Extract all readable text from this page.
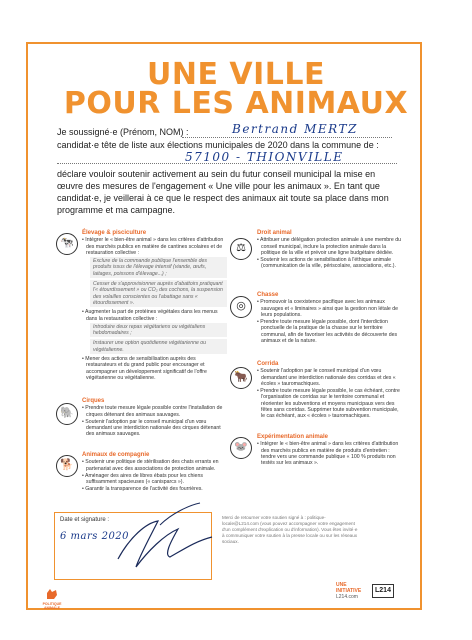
UNE VILLE
POUR LES ANIMAUX
Je soussigné·e (Prénom, NOM) :	Bertrand MERTZ
candidat·e tête de liste aux élections municipales de 2020 dans la commune de :
57100 - THIONVILLE
déclare vouloir soutenir activement au sein du futur conseil municipal la mise en œuvre des mesures de l'engagement « Une ville pour les animaux ». En tant que candidat·e, je veillerai à ce que le respect des animaux ait toute sa place dans mon programme et ma campagne.
🐄
Élevage & pisciculture
• Intégrer le « bien-être animal » dans les critères d'attribution des marchés publics en matière de cantines scolaires et de restauration collective :
Exclure de la commande publique l'ensemble des produits issus de l'élevage intensif (viande, œufs, laitages, poissons d'élevage...) ;
Cesser de s'approvisionner auprès d'abattoirs pratiquant l'« étourdissement » ou CO₂ des cochons, la suspension des volailles conscientes ou l'abattage sans « étourdissement ».
• Augmenter la part de protéines végétales dans les menus dans la restauration collective :
Introduire deux repas végétariens ou végétaliens hebdomadaires ;
Instaurer une option quotidienne végétarienne ou végétalienne.
• Mener des actions de sensibilisation auprès des restaurateurs et du grand public pour encourager et accompagner un développement significatif de l'offre végétarienne ou végétalienne.
🐘
Cirques
• Prendre toute mesure légale possible contre l'installation de cirques détenant des animaux sauvages.
• Soutenir l'adoption par le conseil municipal d'un vœu demandant une interdiction nationale des cirques détenant des animaux sauvages.
🐕
Animaux de compagnie
• Soutenir une politique de stérilisation des chats errants en partenariat avec des associations de protection animale.
• Aménager des aires de libres ébats pour les chiens suffisamment spacieuses (« canisparcs »).
• Garantir la transparence de l'activité des fourrières.
⚖
Droit animal
• Attribuer une délégation protection animale à une membre du conseil municipal, inclure la protection animale dans la politique de la ville et prévoir une ligne budgétaire dédiée.
• Soutenir les actions de sensibilisation à l'éthique animale (communication de la ville, périscolaire, associations, etc.).
◎
Chasse
• Promouvoir la coexistence pacifique avec les animaux sauvages et « liminaires » ainsi que la gestion non létale de leurs populations.
• Prendre toute mesure légale possible, dont l'interdiction ponctuelle de la pratique de la chasse sur le territoire communal, afin de favoriser les activités de découverte des animaux et de la nature.
🐂
Corrida
• Soutenir l'adoption par le conseil municipal d'un vœu demandant une interdiction nationale des corridas et des « écoles » tauromachiques.
• Prendre toute mesure légale possible, le cas échéant, contre l'organisation de corridas sur le territoire communal et réorienter les subventions et moyens municipaux vers des fêtes sans corridas. Supprimer toute subvention municipale, le cas échéant, aux « écoles » tauromachiques.
🐭
Expérimentation animale
• Intégrer le « bien-être animal » dans les critères d'attribution des marchés publics en matière de produits d'entretien : tendre vers une commande publique « 100 % produits non testés sur les animaux ».
Date et signature :
6 mars 2020
Merci de retourner votre soutien signé à : politique-locale@L214.com (vous pouvez accompagner votre engagement d'un complément d'explication ou d'information). Vous êtes invité·e à communiquer votre soutien à la presse locale ou sur les réseaux sociaux.
POLITIQUE ANIMALE
UNE
INITIATIVE
L214.com
L214
